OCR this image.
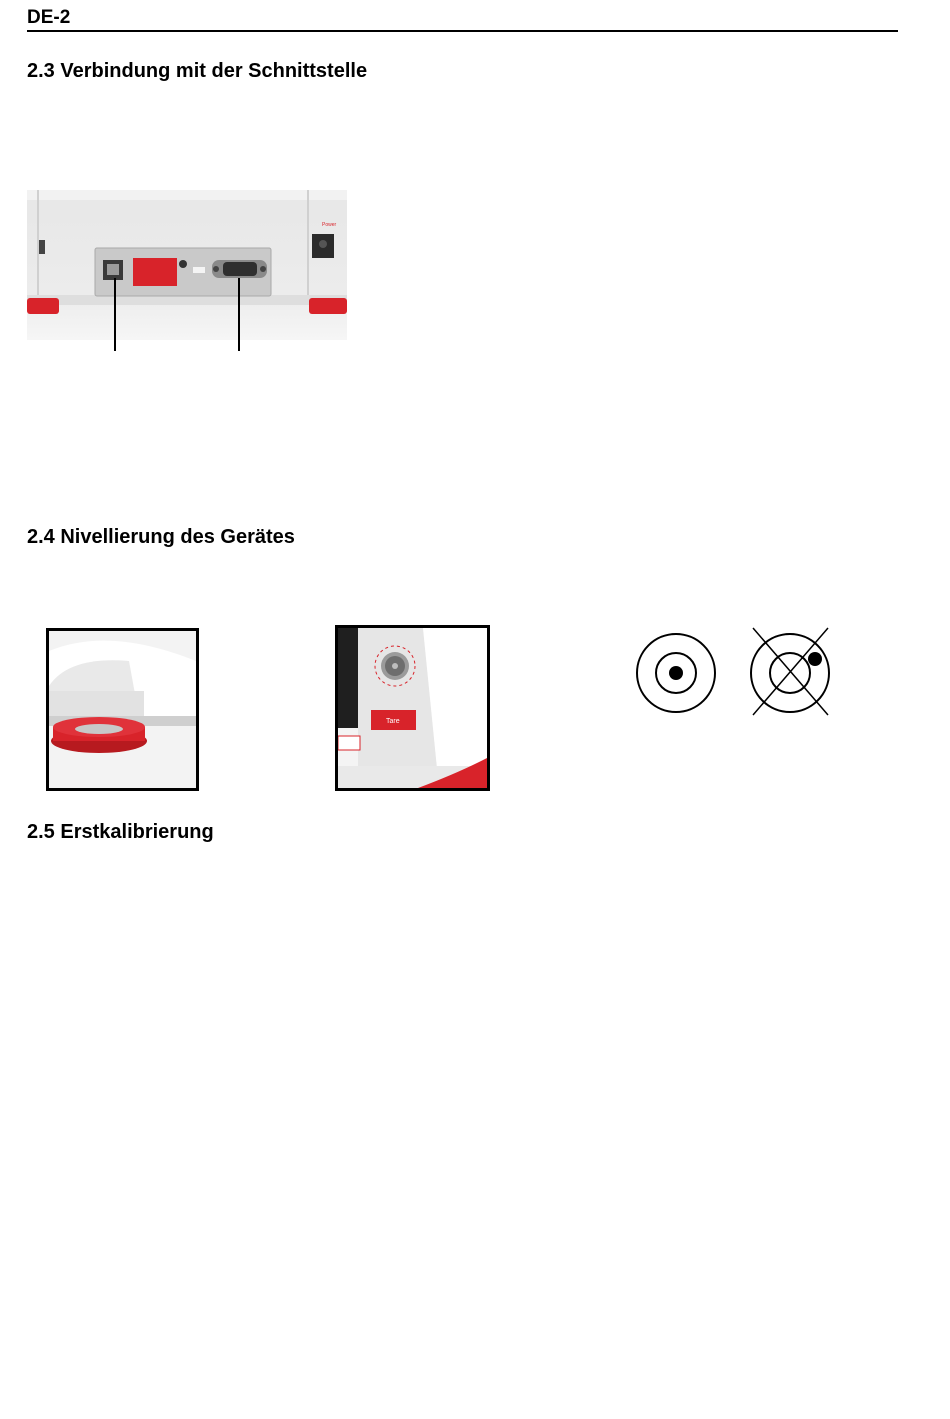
DE-2
2.3 Verbindung mit der Schnittstelle
Power
2.4 Nivellierung des Gerätes
Tare
2.5 Erstkalibrierung
